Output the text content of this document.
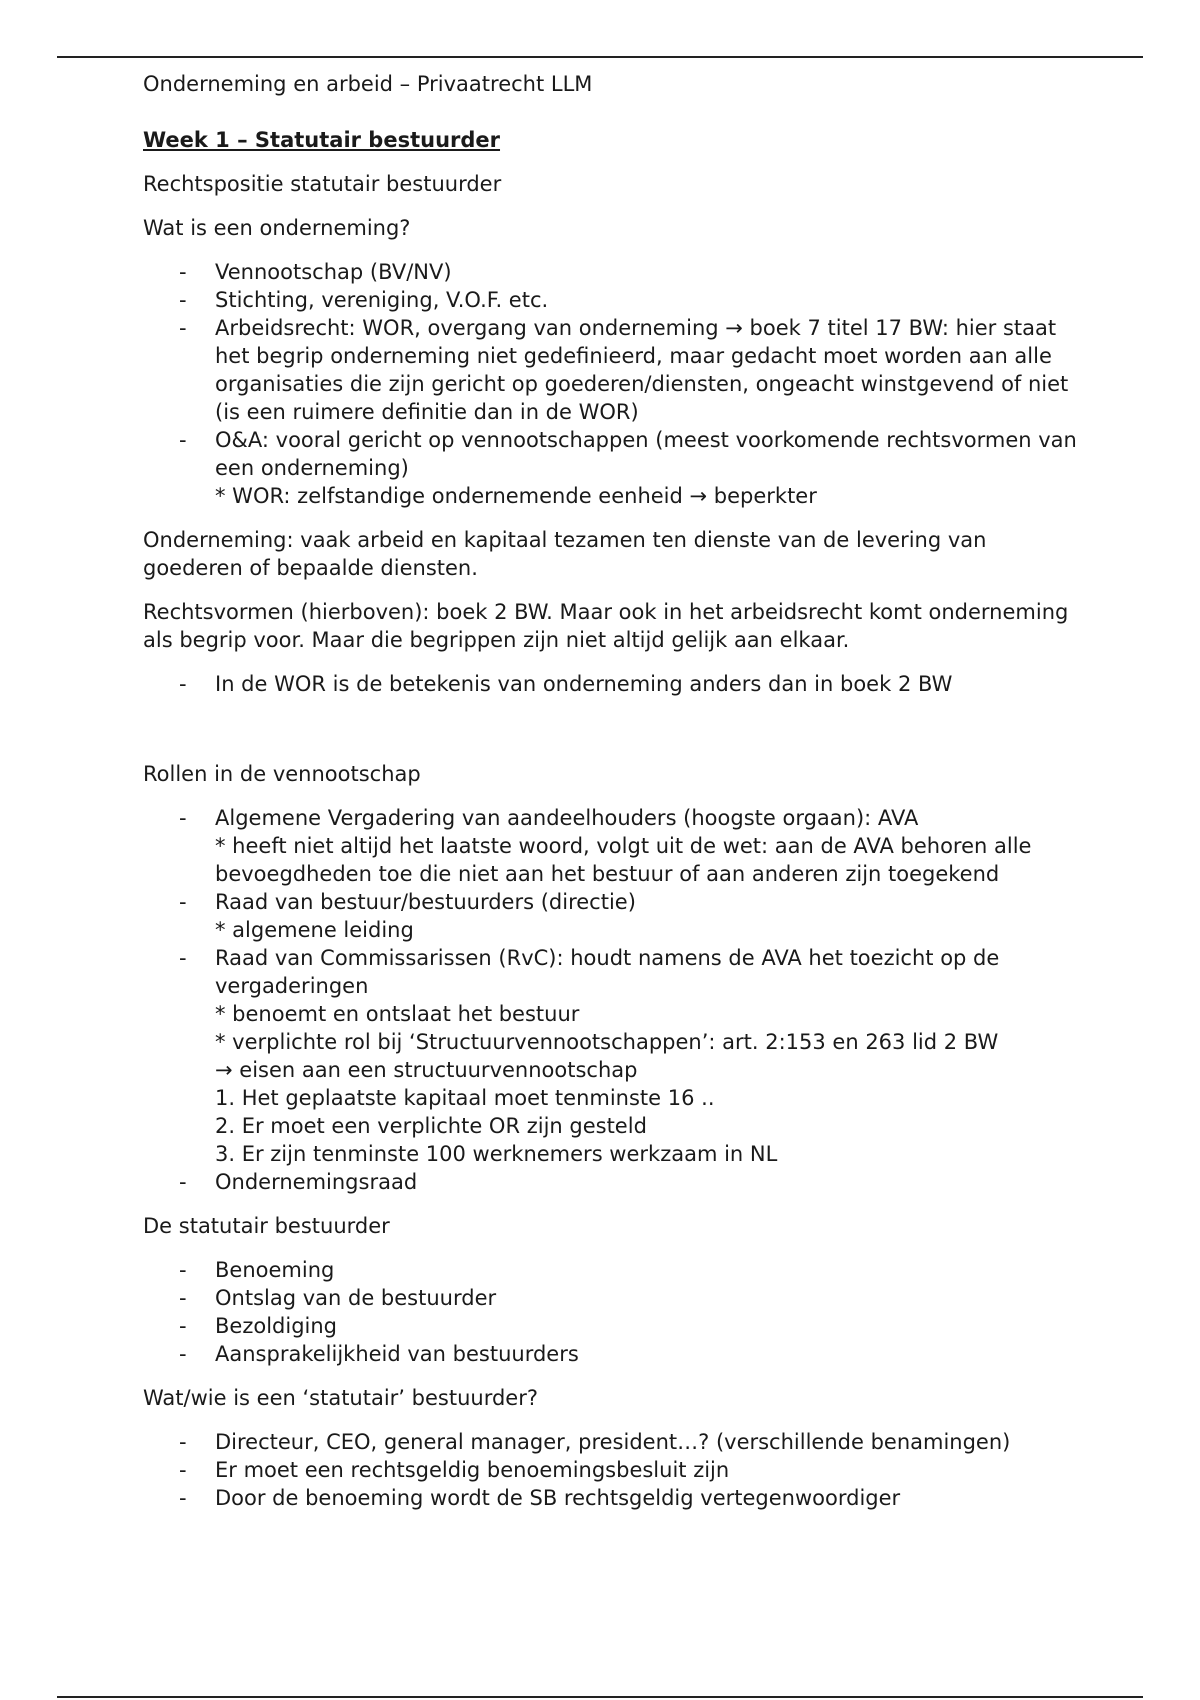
Onderneming en arbeid – Privaatrecht LLM
Week 1 – Statutair bestuurder

Rechtspositie statutair bestuurder

Wat is een onderneming?

- Vennootschap (BV/NV)
- Stichting, vereniging, V.O.F. etc.
- Arbeidsrecht: WOR, overgang van onderneming → boek 7 titel 17 BW: hier staat het begrip onderneming niet gedefinieerd, maar gedacht moet worden aan alle organisaties die zijn gericht op goederen/diensten, ongeacht winstgevend of niet (is een ruimere definitie dan in de WOR)
- O&A: vooral gericht op vennootschappen (meest voorkomende rechtsvormen van een onderneming)
* WOR: zelfstandige ondernemende eenheid → beperkter

Onderneming: vaak arbeid en kapitaal tezamen ten dienste van de levering van goederen of bepaalde diensten.

Rechtsvormen (hierboven): boek 2 BW. Maar ook in het arbeidsrecht komt onderneming als begrip voor. Maar die begrippen zijn niet altijd gelijk aan elkaar.

- In de WOR is de betekenis van onderneming anders dan in boek 2 BW

Rollen in de vennootschap

- Algemene Vergadering van aandeelhouders (hoogste orgaan): AVA
* heeft niet altijd het laatste woord, volgt uit de wet: aan de AVA behoren alle bevoegdheden toe die niet aan het bestuur of aan anderen zijn toegekend
- Raad van bestuur/bestuurders (directie)
* algemene leiding
- Raad van Commissarissen (RvC): houdt namens de AVA het toezicht op de vergaderingen
* benoemt en ontslaat het bestuur
* verplichte rol bij ‘Structuurvennootschappen’: art. 2:153 en 263 lid 2 BW
→ eisen aan een structuurvennootschap
1. Het geplaatste kapitaal moet tenminste 16 ..
2. Er moet een verplichte OR zijn gesteld
3. Er zijn tenminste 100 werknemers werkzaam in NL
- Ondernemingsraad

De statutair bestuurder

- Benoeming
- Ontslag van de bestuurder
- Bezoldiging
- Aansprakelijkheid van bestuurders

Wat/wie is een ‘statutair’ bestuurder?

- Directeur, CEO, general manager, president…? (verschillende benamingen)
- Er moet een rechtsgeldig benoemingsbesluit zijn
- Door de benoeming wordt de SB rechtsgeldig vertegenwoordiger
